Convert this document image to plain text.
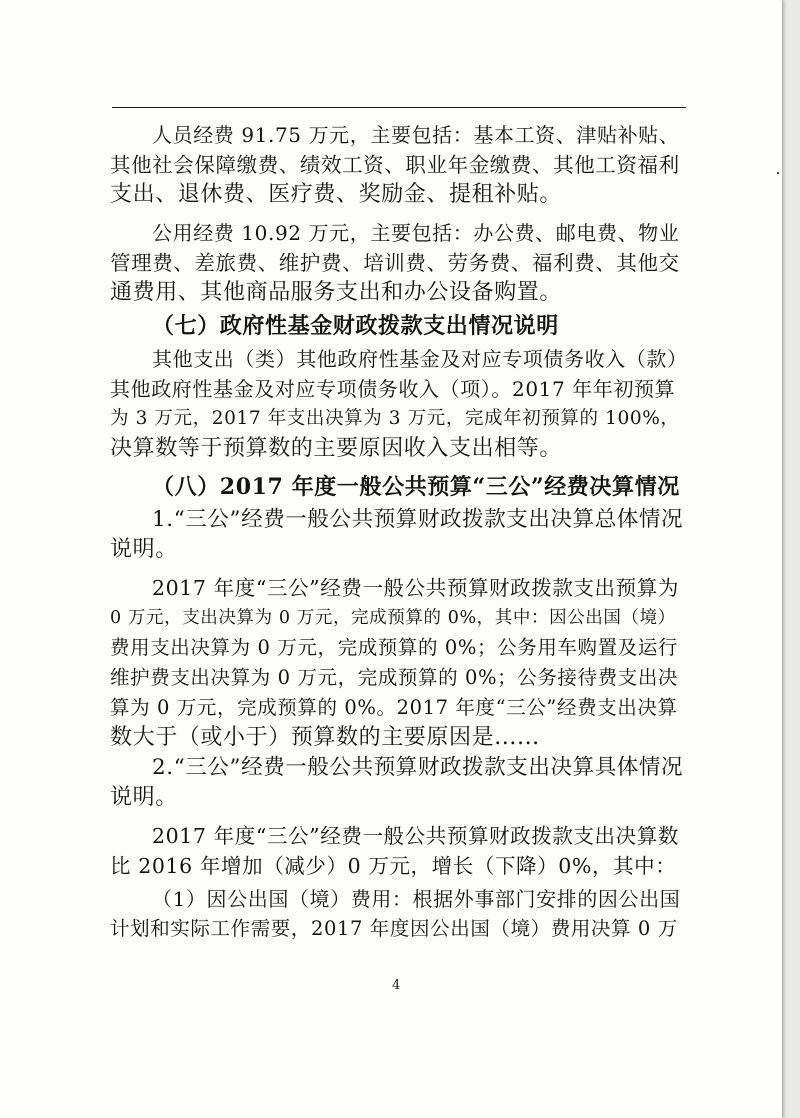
人员经费 91.75 万元，主要包括：基本工资、津贴补贴、
其他社会保障缴费、绩效工资、职业年金缴费、其他工资福利
支出、退休费、医疗费、奖励金、提租补贴。
公用经费 10.92 万元，主要包括：办公费、邮电费、物业
管理费、差旅费、维护费、培训费、劳务费、福利费、其他交
通费用、其他商品服务支出和办公设备购置。
（七）政府性基金财政拨款支出情况说明
其他支出（类）其他政府性基金及对应专项债务收入（款）
其他政府性基金及对应专项债务收入（项）。2017 年年初预算
为 3 万元，2017 年支出决算为 3 万元，完成年初预算的 100%，
决算数等于预算数的主要原因收入支出相等。
（八）2017 年度一般公共预算“三公”经费决算情况
1.“三公”经费一般公共预算财政拨款支出决算总体情况
说明。
2017 年度“三公”经费一般公共预算财政拨款支出预算为
0 万元，支出决算为 0 万元，完成预算的 0%，其中：因公出国（境）
费用支出决算为 0 万元，完成预算的 0%；公务用车购置及运行
维护费支出决算为 0 万元，完成预算的 0%；公务接待费支出决
算为 0 万元，完成预算的 0%。2017 年度“三公”经费支出决算
数大于（或小于）预算数的主要原因是......
2.“三公”经费一般公共预算财政拨款支出决算具体情况
说明。
2017 年度“三公”经费一般公共预算财政拨款支出决算数
比 2016 年增加（减少）0 万元，增长（下降）0%，其中：
（1）因公出国（境）费用：根据外事部门安排的因公出国
计划和实际工作需要，2017 年度因公出国（境）费用决算 0 万
4
